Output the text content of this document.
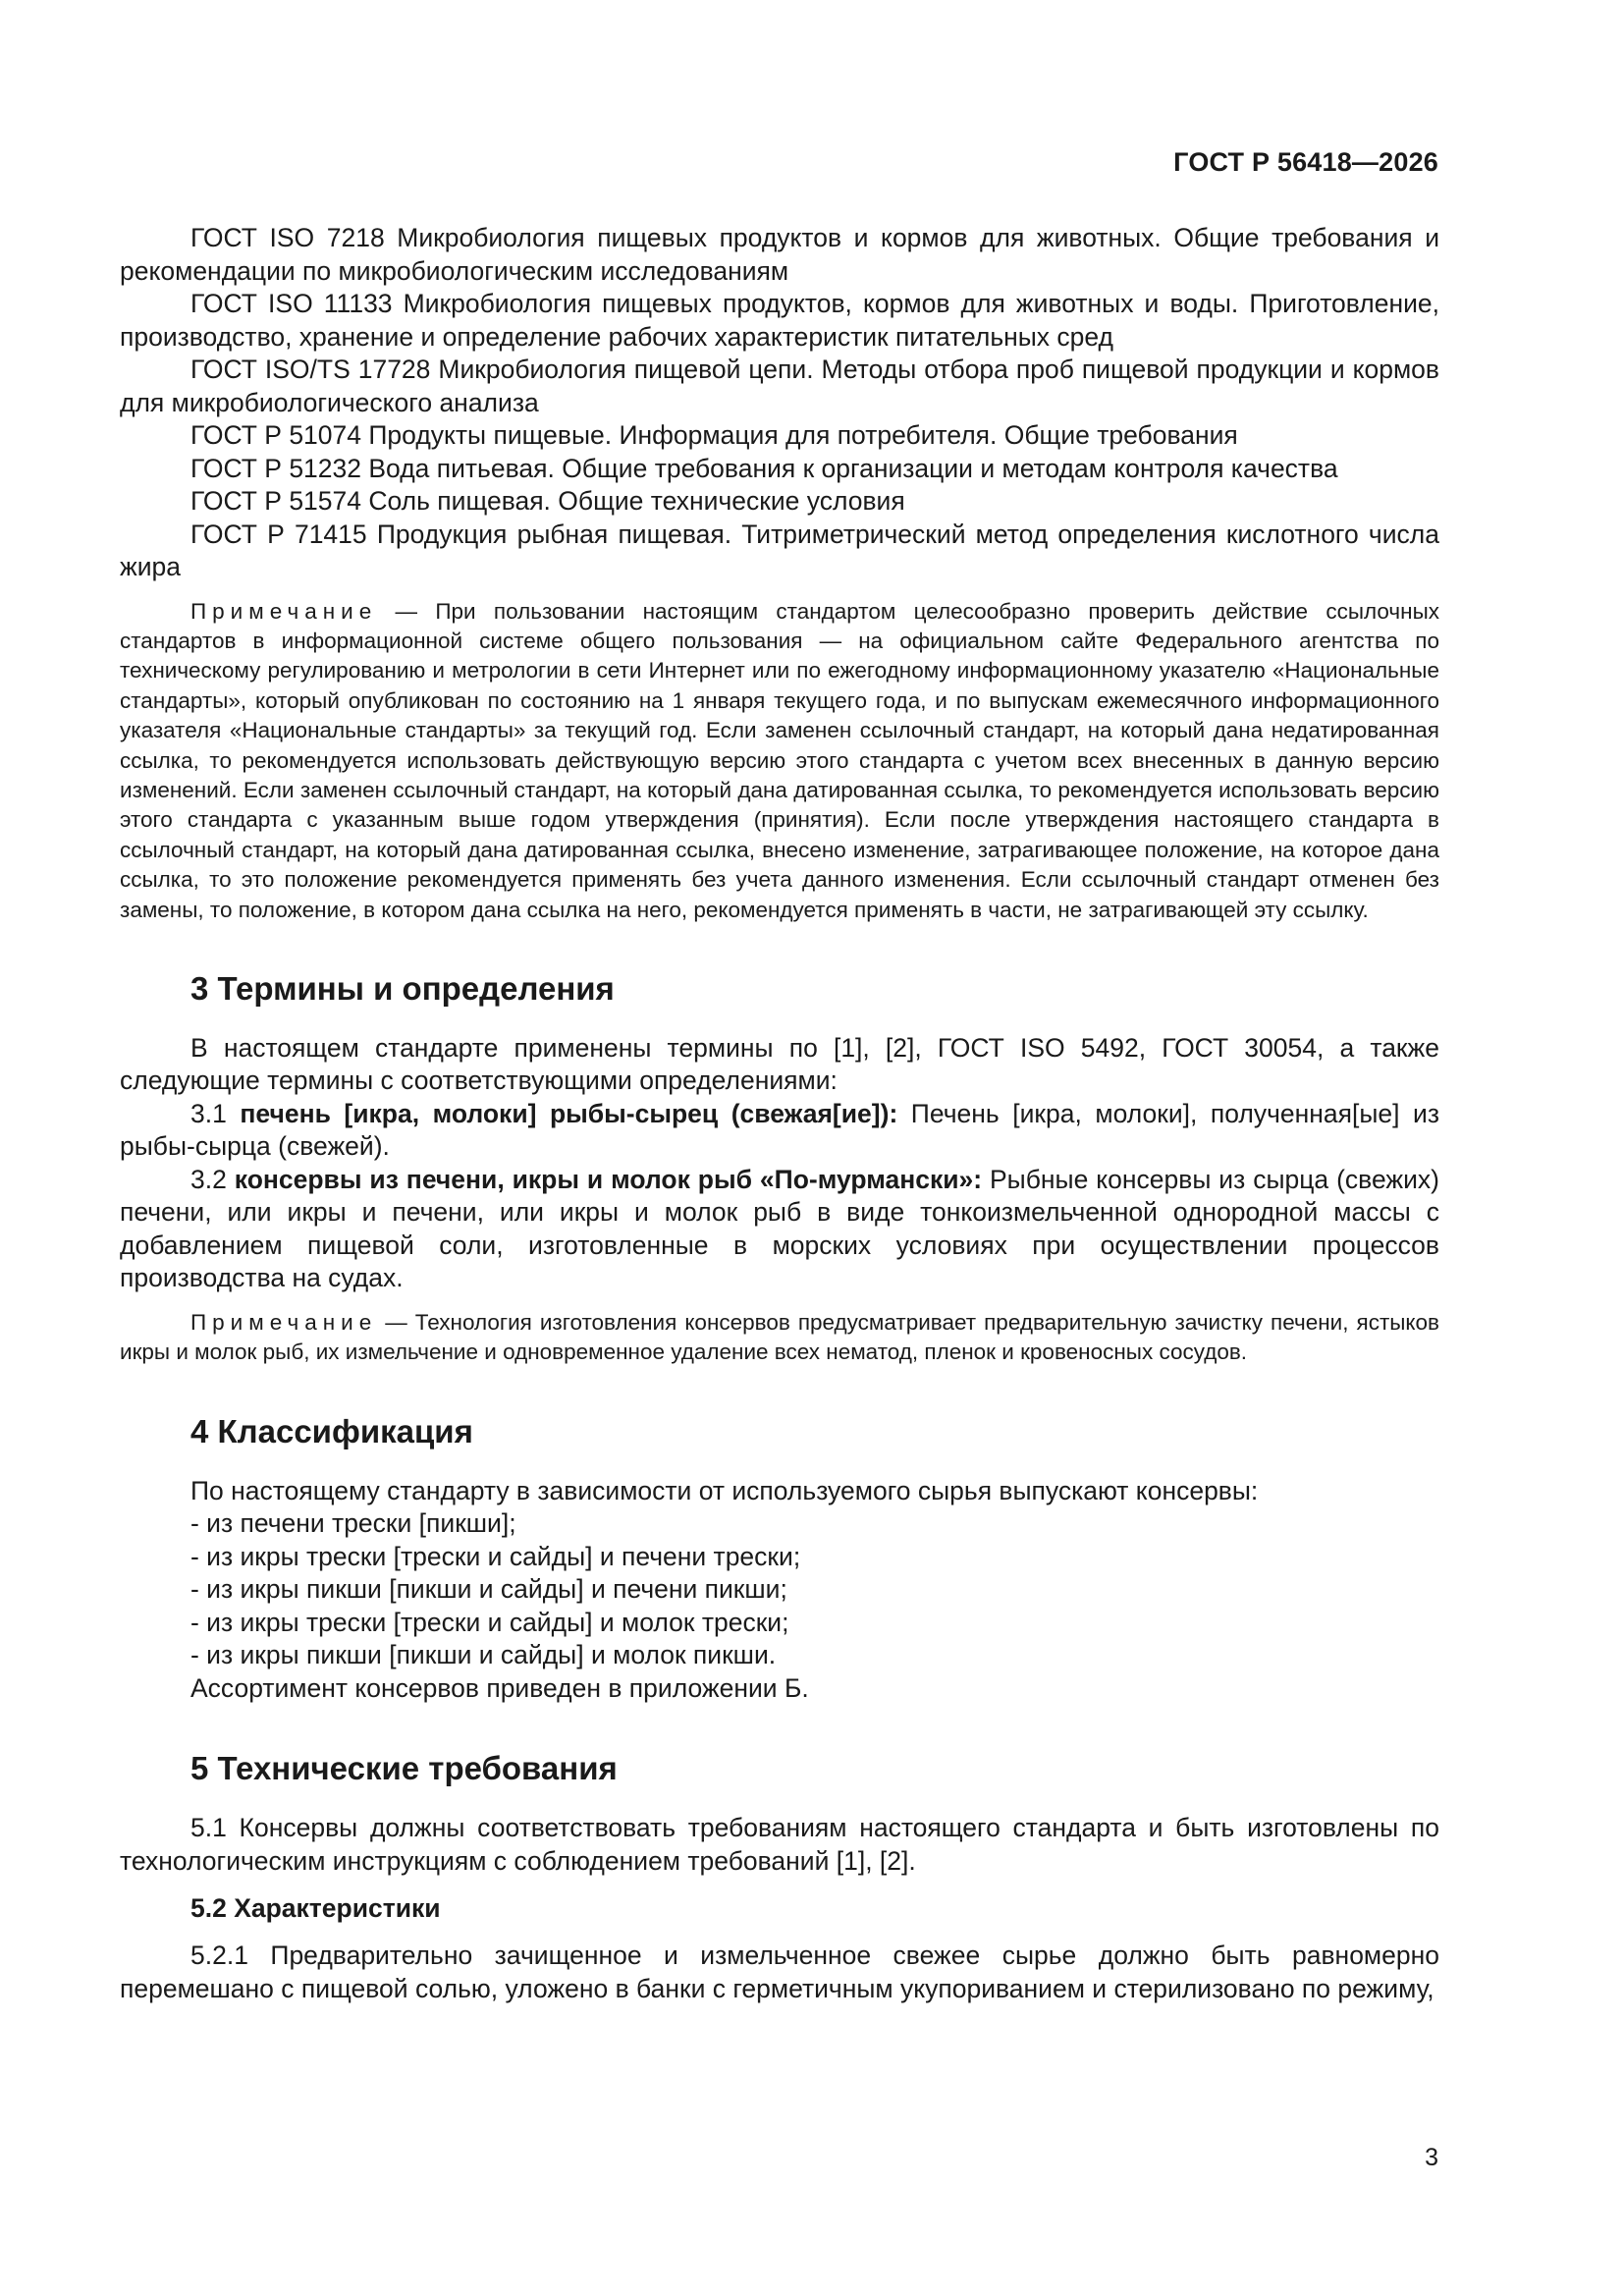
ГОСТ Р 56418—2026

ГОСТ ISO 7218 Микробиология пищевых продуктов и кормов для животных. Общие требования и рекомендации по микробиологическим исследованиям

ГОСТ ISO 11133 Микробиология пищевых продуктов, кормов для животных и воды. Приготовление, производство, хранение и определение рабочих характеристик питательных сред

ГОСТ ISO/TS 17728 Микробиология пищевой цепи. Методы отбора проб пищевой продукции и кормов для микробиологического анализа

ГОСТ Р 51074 Продукты пищевые. Информация для потребителя. Общие требования

ГОСТ Р 51232 Вода питьевая. Общие требования к организации и методам контроля качества

ГОСТ Р 51574 Соль пищевая. Общие технические условия

ГОСТ Р 71415 Продукция рыбная пищевая. Титриметрический метод определения кислотного числа жира

Примечание — При пользовании настоящим стандартом целесообразно проверить действие ссылочных стандартов в информационной системе общего пользования — на официальном сайте Федерального агентства по техническому регулированию и метрологии в сети Интернет или по ежегодному информационному указателю «Национальные стандарты», который опубликован по состоянию на 1 января текущего года, и по выпускам ежемесячного информационного указателя «Национальные стандарты» за текущий год. Если заменен ссылочный стандарт, на который дана недатированная ссылка, то рекомендуется использовать действующую версию этого стандарта с учетом всех внесенных в данную версию изменений. Если заменен ссылочный стандарт, на который дана датированная ссылка, то рекомендуется использовать версию этого стандарта с указанным выше годом утверждения (принятия). Если после утверждения настоящего стандарта в ссылочный стандарт, на который дана датированная ссылка, внесено изменение, затрагивающее положение, на которое дана ссылка, то это положение рекомендуется применять без учета данного изменения. Если ссылочный стандарт отменен без замены, то положение, в котором дана ссылка на него, рекомендуется применять в части, не затрагивающей эту ссылку.

3 Термины и определения

В настоящем стандарте применены термины по [1], [2], ГОСТ ISO 5492, ГОСТ 30054, а также следующие термины с соответствующими определениями:

3.1 печень [икра, молоки] рыбы-сырец (свежая[ие]): Печень [икра, молоки], полученная[ые] из рыбы-сырца (свежей).

3.2 консервы из печени, икры и молок рыб «По-мурмански»: Рыбные консервы из сырца (свежих) печени, или икры и печени, или икры и молок рыб в виде тонкоизмельченной однородной массы с добавлением пищевой соли, изготовленные в морских условиях при осуществлении процессов производства на судах.

Примечание — Технология изготовления консервов предусматривает предварительную зачистку печени, ястыков икры и молок рыб, их измельчение и одновременное удаление всех нематод, пленок и кровеносных сосудов.

4 Классификация

По настоящему стандарту в зависимости от используемого сырья выпускают консервы:

- из печени трески [пикши];
- из икры трески [трески и сайды] и печени трески;
- из икры пикши [пикши и сайды] и печени пикши;
- из икры трески [трески и сайды] и молок трески;
- из икры пикши [пикши и сайды] и молок пикши.

Ассортимент консервов приведен в приложении Б.

5 Технические требования

5.1 Консервы должны соответствовать требованиям настоящего стандарта и быть изготовлены по технологическим инструкциям с соблюдением требований [1], [2].

5.2 Характеристики

5.2.1 Предварительно зачищенное и измельченное свежее сырье должно быть равномерно перемешано с пищевой солью, уложено в банки с герметичным укупориванием и стерилизовано по режиму,

3
